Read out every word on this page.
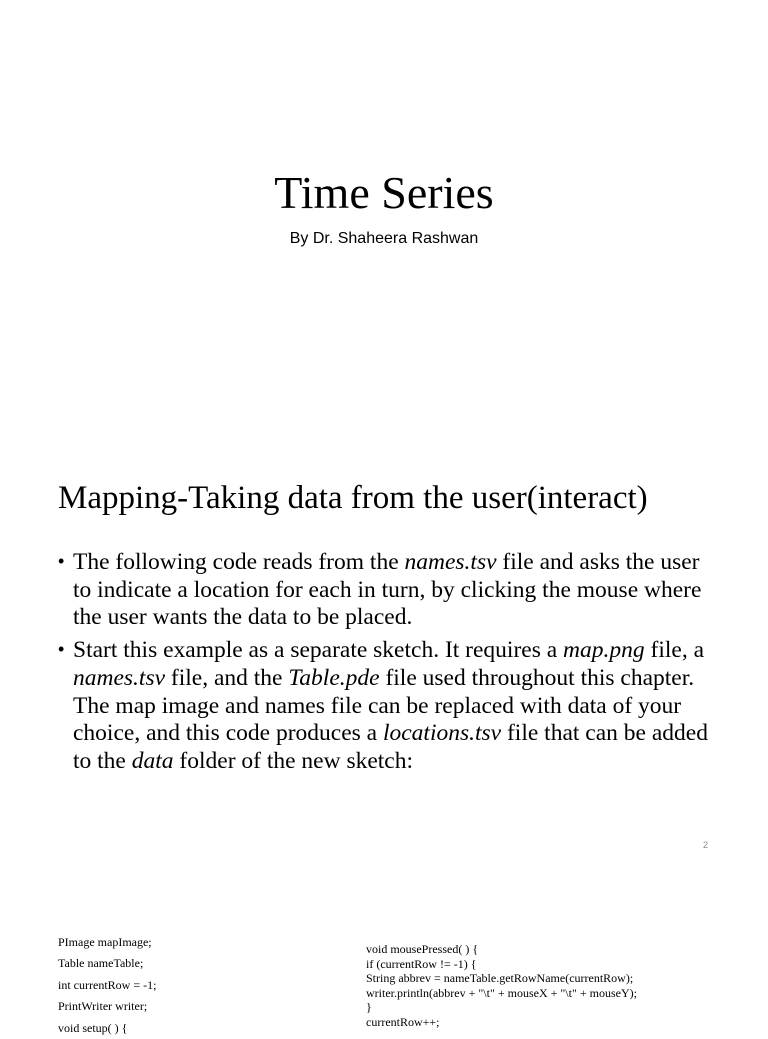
Time Series
By Dr. Shaheera Rashwan
Mapping-Taking data from the user(interact)
• The following code reads from the names.tsv file and asks the user to indicate a location for each in turn, by clicking the mouse where the user wants the data to be placed.
• Start this example as a separate sketch. It requires a map.png file, a names.tsv file, and the Table.pde file used throughout this chapter. The map image and names file can be replaced with data of your choice, and this code produces a locations.tsv file that can be added to the data folder of the new sketch:
2
PImage mapImage;
Table nameTable;
int currentRow = -1;
PrintWriter writer;
void setup( ) {
void mousePressed( ) {
if (currentRow != -1) {
String abbrev = nameTable.getRowName(currentRow);
writer.println(abbrev + "\t" + mouseX + "\t" + mouseY);
}
currentRow++;
